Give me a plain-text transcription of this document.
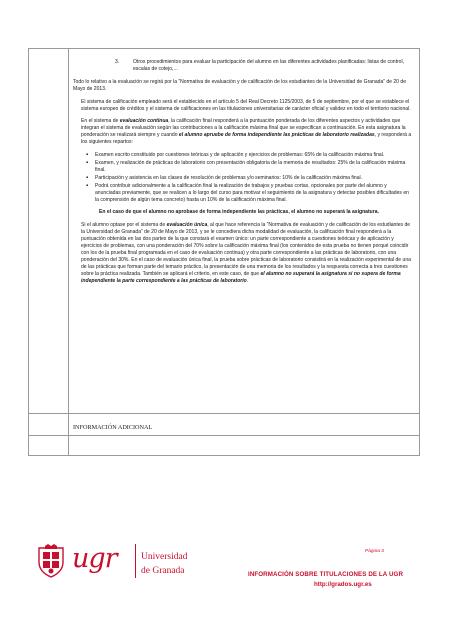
3.	Otros procedimientos para evaluar la participación del alumno en las diferentes actividades planificadas: listas de control, escalas de cotejo,…

Todo lo relativo a la evaluación se regirá por la “Normativa de evaluación y de calificación de los estudiantes de la Universidad de Granada” de 20 de Mayo de 2013.

El sistema de calificación empleado será el establecido en el artículo 5 del Real Decreto 1125/2003, de 5 de septiembre, por el que se establece el sistema europeo de créditos y el sistema de calificaciones en las titulaciones universitarias de carácter oficial y validez en todo el territorio nacional.

En el sistema de evaluación continua, la calificación final responderá a la puntuación ponderada de los diferentes aspectos y actividades que integran el sistema de evaluación según las contribuciones a la calificación máxima final que se especifican a continuación. En esta asignatura la ponderación se realizará siempre y cuando el alumno apruebe de forma independiente las prácticas de laboratorio realizadas, y responderá a los siguientes repartos:

▪ Examen escrito constituido por cuestiones teóricas y de aplicación y ejercicios de problemas: 65% de la calificación máxima final.
▪ Examen, y realización de prácticas de laboratorio con presentación obligatoria de la memoria de resultados: 25% de la calificación máxima final.
▪ Participación y asistencia en las clases de resolución de problemas y/o seminarios: 10% de la calificación máxima final.
▪ Podrá contribuir adicionalmente a la calificación final la realización de trabajos y pruebas cortas, opcionales por parte del alumno y anunciadas previamente, que se realicen a lo largo del curso para motivar el seguimiento de la asignatura y detectar posibles dificultades en la comprensión de algún tema concreto) hasta un 10% de la calificación máxima final.

En el caso de que el alumno no aprobase de forma independiente las prácticas, el alumno no superará la asignatura.

Si el alumno optase por el sistema de evaluación única, al que hace referencia la “Normativa de evaluación y de calificación de los estudiantes de la Universidad de Granada” de 20 de Mayo de 2013, y se le concediera dicha modalidad de evaluación, la calificación final responderá a la puntuación obtenida en las dos partes de la que constará el examen único: un parte correspondiente a cuestiones teóricas y de aplicación y ejercicios de problemas, con una ponderación del 70% sobre la calificación máxima final (los contenidos de esta prueba no tienen porqué coincidir con los de la prueba final programada en el caso de evaluación continua) y otra parte correspondiente a las prácticas de laboratorio, con una ponderación del 30%. En el caso de evaluación única final, la prueba sobre prácticas de laboratorio consistirá en la realización experimental de una de las prácticas que forman parte del temario práctico, la presentación de una memoria de los resultados y la respuesta correcta a tres cuestiones sobre la práctica realizada. También se aplicará el criterio, en este caso, de que el alumno no superará la asignatura si no supera de forma independiente la parte correspondiente a las prácticas de laboratorio.

INFORMACIÓN ADICIONAL
ugr	Universidad
de Granada
Página 3
INFORMACIÓN SOBRE TITULACIONES DE LA UGR
http://grados.ugr.es
